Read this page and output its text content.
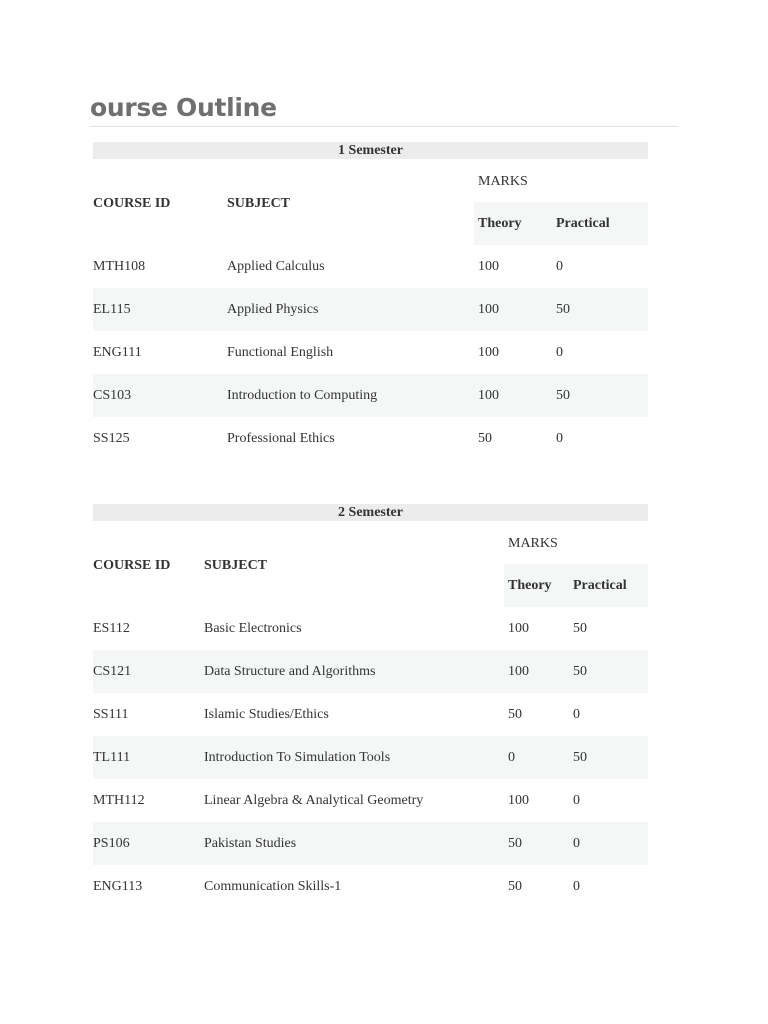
ourse Outline
1 Semester			

COURSE ID	SUBJECT	MARKS	
		Theory	Practical
MTH108	Applied Calculus	100	0
EL115	Applied Physics	100	50
ENG111	Functional English	100	0
CS103	Introduction to Computing	100	50
SS125	Professional Ethics	50	0
2 Semester			

COURSE ID	SUBJECT	MARKS	
		Theory	Practical
ES112	Basic Electronics	100	50
CS121	Data Structure and Algorithms	100	50
SS111	Islamic Studies/Ethics	50	0
TL111	Introduction To Simulation Tools	0	50
MTH112	Linear Algebra & Analytical Geometry	100	0
PS106	Pakistan Studies	50	0
ENG113	Communication Skills-1	50	0
